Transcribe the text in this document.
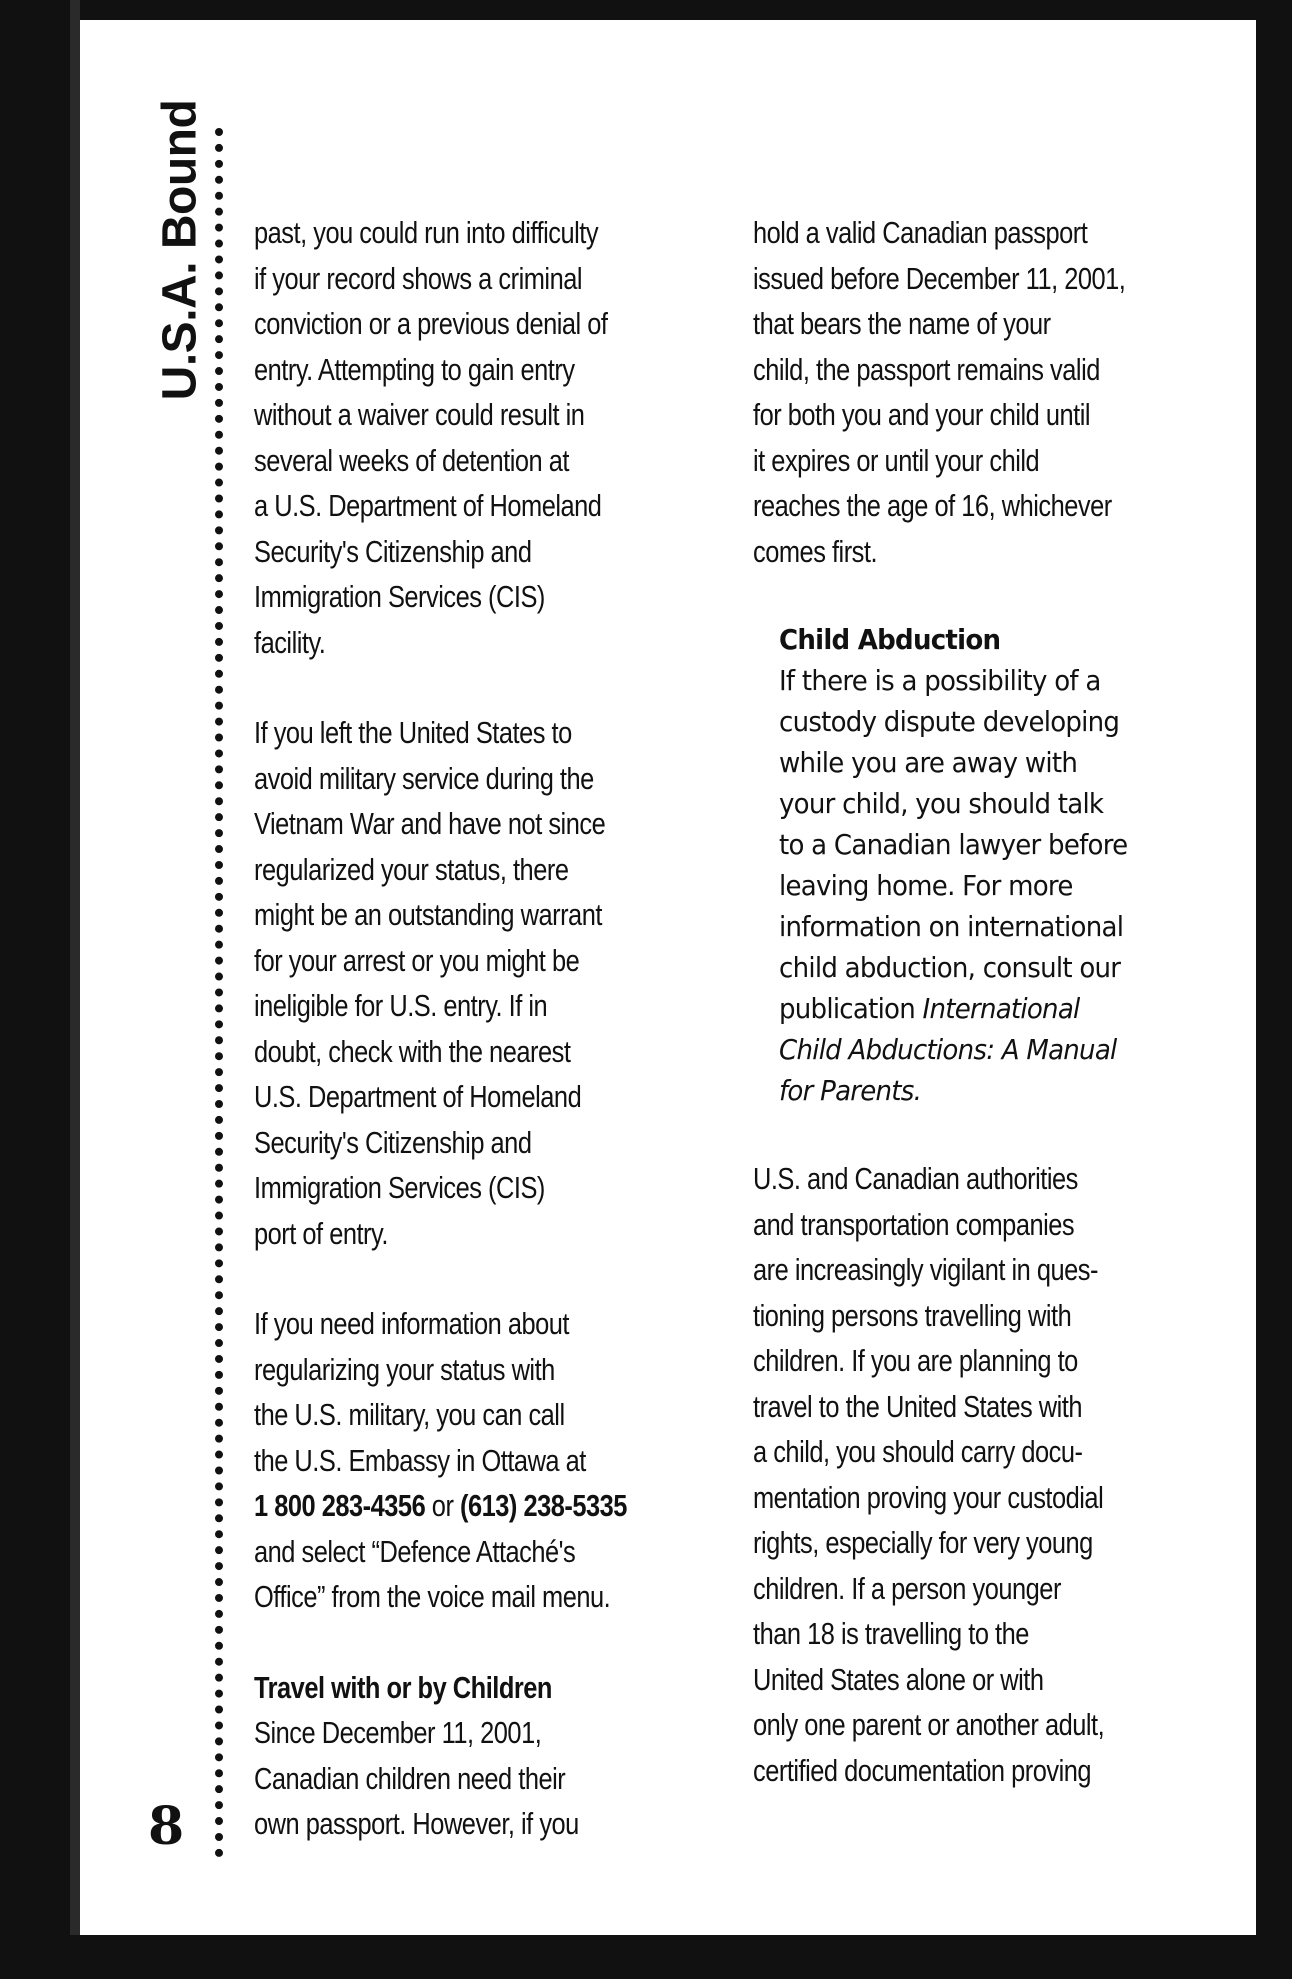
U.S.A. Bound
8
past, you could run into difficulty
if your record shows a criminal
conviction or a previous denial of
entry. Attempting to gain entry
without a waiver could result in
several weeks of detention at
a U.S. Department of Homeland
Security's Citizenship and
Immigration Services (CIS)
facility.
If you left the United States to
avoid military service during the
Vietnam War and have not since
regularized your status, there
might be an outstanding warrant
for your arrest or you might be
ineligible for U.S. entry. If in
doubt, check with the nearest
U.S. Department of Homeland
Security's Citizenship and
Immigration Services (CIS)
port of entry.
If you need information about
regularizing your status with
the U.S. military, you can call
the U.S. Embassy in Ottawa at
1 800 283-4356 or (613) 238-5335
and select “Defence Attaché's
Office” from the voice mail menu.
Travel with or by Children
Since December 11, 2001,
Canadian children need their
own passport. However, if you
hold a valid Canadian passport
issued before December 11, 2001,
that bears the name of your
child, the passport remains valid
for both you and your child until
it expires or until your child
reaches the age of 16, whichever
comes first.
Child Abduction
If there is a possibility of a
custody dispute developing
while you are away with
your child, you should talk
to a Canadian lawyer before
leaving home. For more
information on international
child abduction, consult our
publication International
Child Abductions: A Manual
for Parents.
U.S. and Canadian authorities
and transportation companies
are increasingly vigilant in ques-
tioning persons travelling with
children. If you are planning to
travel to the United States with
a child, you should carry docu-
mentation proving your custodial
rights, especially for very young
children. If a person younger
than 18 is travelling to the
United States alone or with
only one parent or another adult,
certified documentation proving
